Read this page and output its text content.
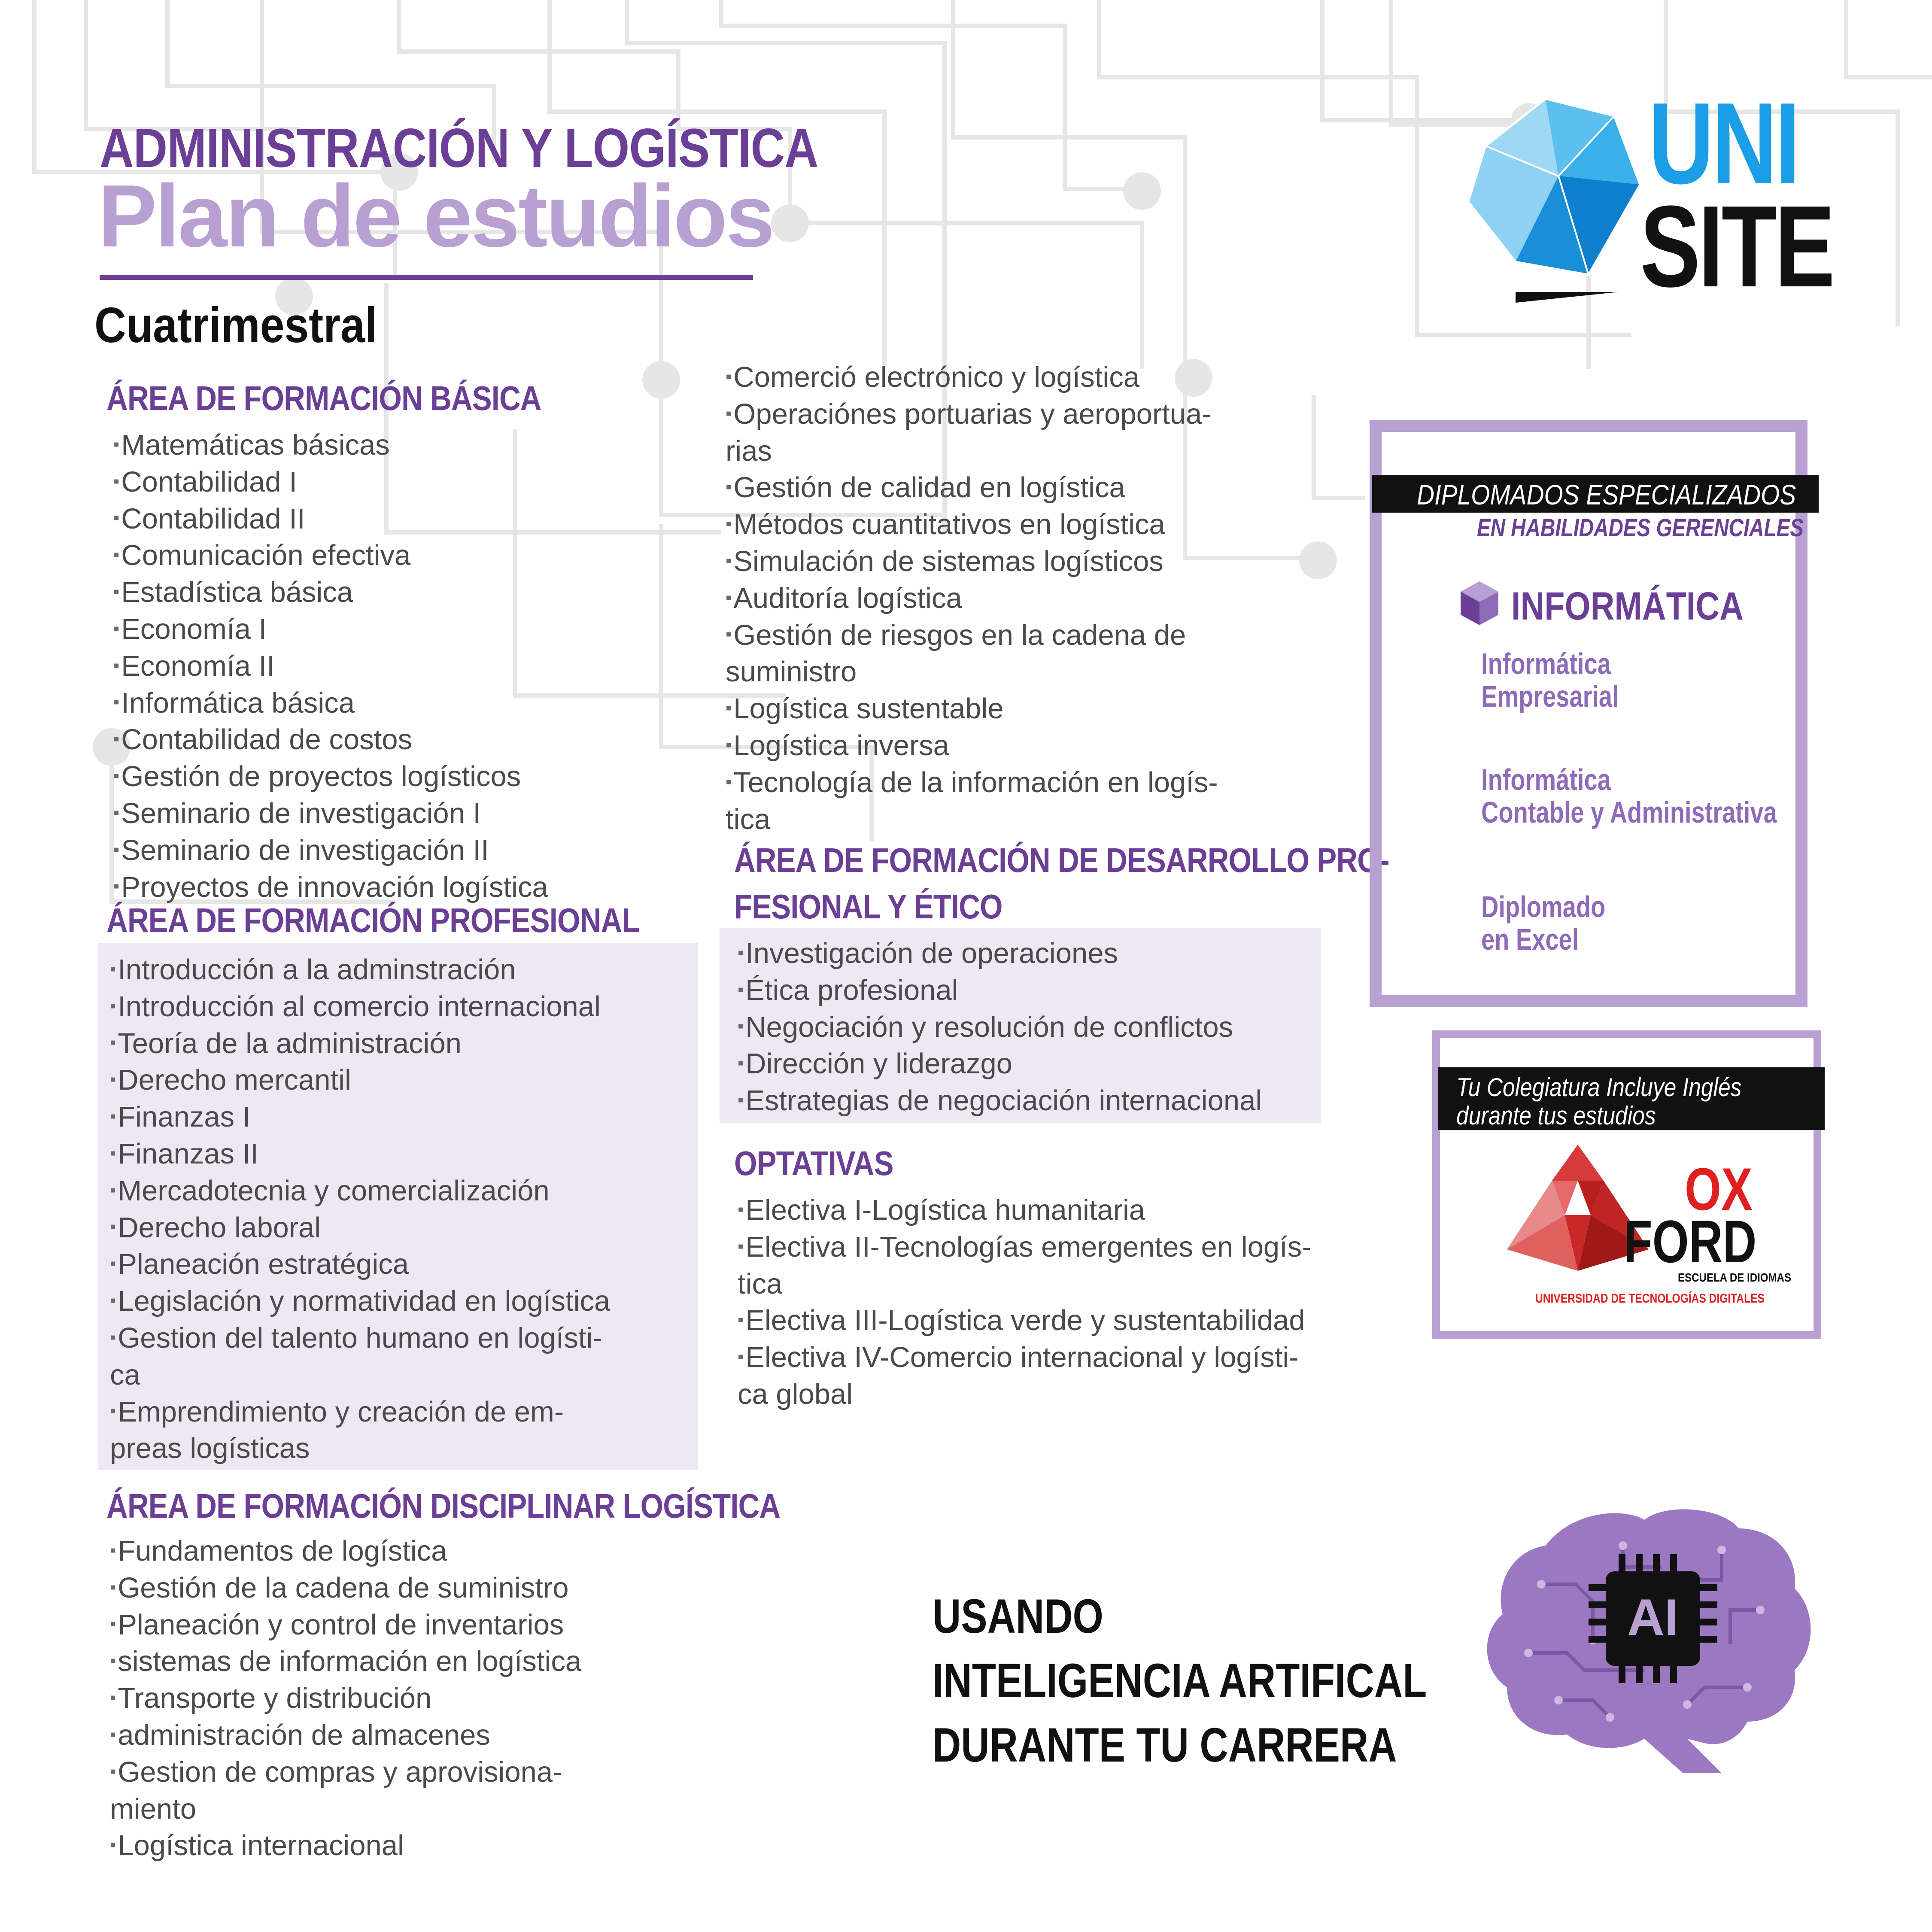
ADMINISTRACIÓN Y LOGÍSTICA
Plan de estudios
Cuatrimestral
UNI
SITE
ÁREA DE FORMACIÓN BÁSICA
▪ Matemáticas básicas
▪ Contabilidad I
▪ Contabilidad II
▪ Comunicación efectiva
▪ Estadística básica
▪ Economía I
▪ Economía II
▪ Informática básica
▪ Contabilidad de costos
▪ Gestión de proyectos logísticos
▪ Seminario de investigación I
▪ Seminario de investigación II
▪ Proyectos de innovación logística
ÁREA DE FORMACIÓN PROFESIONAL
▪ Introducción a la adminstración
▪ Introducción al comercio internacional
▪ Teoría de la administración
▪ Derecho mercantil
▪ Finanzas I
▪ Finanzas II
▪ Mercadotecnia y comercialización
▪ Derecho laboral
▪ Planeación estratégica
▪ Legislación y normatividad en logística
▪ Gestion del talento humano en logísti-
ca
▪ Emprendimiento y creación de em-
preas logísticas
ÁREA DE FORMACIÓN DISCIPLINAR LOGÍSTICA
▪ Fundamentos de logística
▪ Gestión de la cadena de suministro
▪ Planeación y control de inventarios
▪ sistemas de información en logística
▪ Transporte y distribución
▪ administración de almacenes
▪ Gestion de compras y aprovisiona-
miento
▪ Logística internacional
▪ Comerció electrónico y logística
▪ Operaciónes portuarias y aeroportua-
rias
▪ Gestión de calidad en logística
▪ Métodos cuantitativos en logística
▪ Simulación de sistemas logísticos
▪ Auditoría logística
▪ Gestión de riesgos en la cadena de
suministro
▪ Logística sustentable
▪ Logística inversa
▪ Tecnología de la información en logís-
tica
ÁREA DE FORMACIÓN DE DESARROLLO PRO-
FESIONAL Y ÉTICO
▪ Investigación de operaciones
▪ Ética profesional
▪ Negociación y resolución de conflictos
▪ Dirección y liderazgo
▪ Estrategias de negociación internacional
OPTATIVAS
▪ Electiva I-Logística humanitaria
▪ Electiva II-Tecnologías emergentes en logís-
tica
▪ Electiva III-Logística verde y sustentabilidad
▪ Electiva IV-Comercio internacional y logísti-
ca global
DIPLOMADOS ESPECIALIZADOS
EN HABILIDADES GERENCIALES
INFORMÁTICA
Informática
Empresarial
Informática
Contable y Administrativa
Diplomado
en Excel
Tu Colegiatura Incluye Inglés
durante tus estudios
OX
FORD
ESCUELA DE IDIOMAS
UNIVERSIDAD DE TECNOLOGÍAS DIGITALES
USANDO
INTELIGENCIA ARTIFICAL
DURANTE TU CARRERA
AI
